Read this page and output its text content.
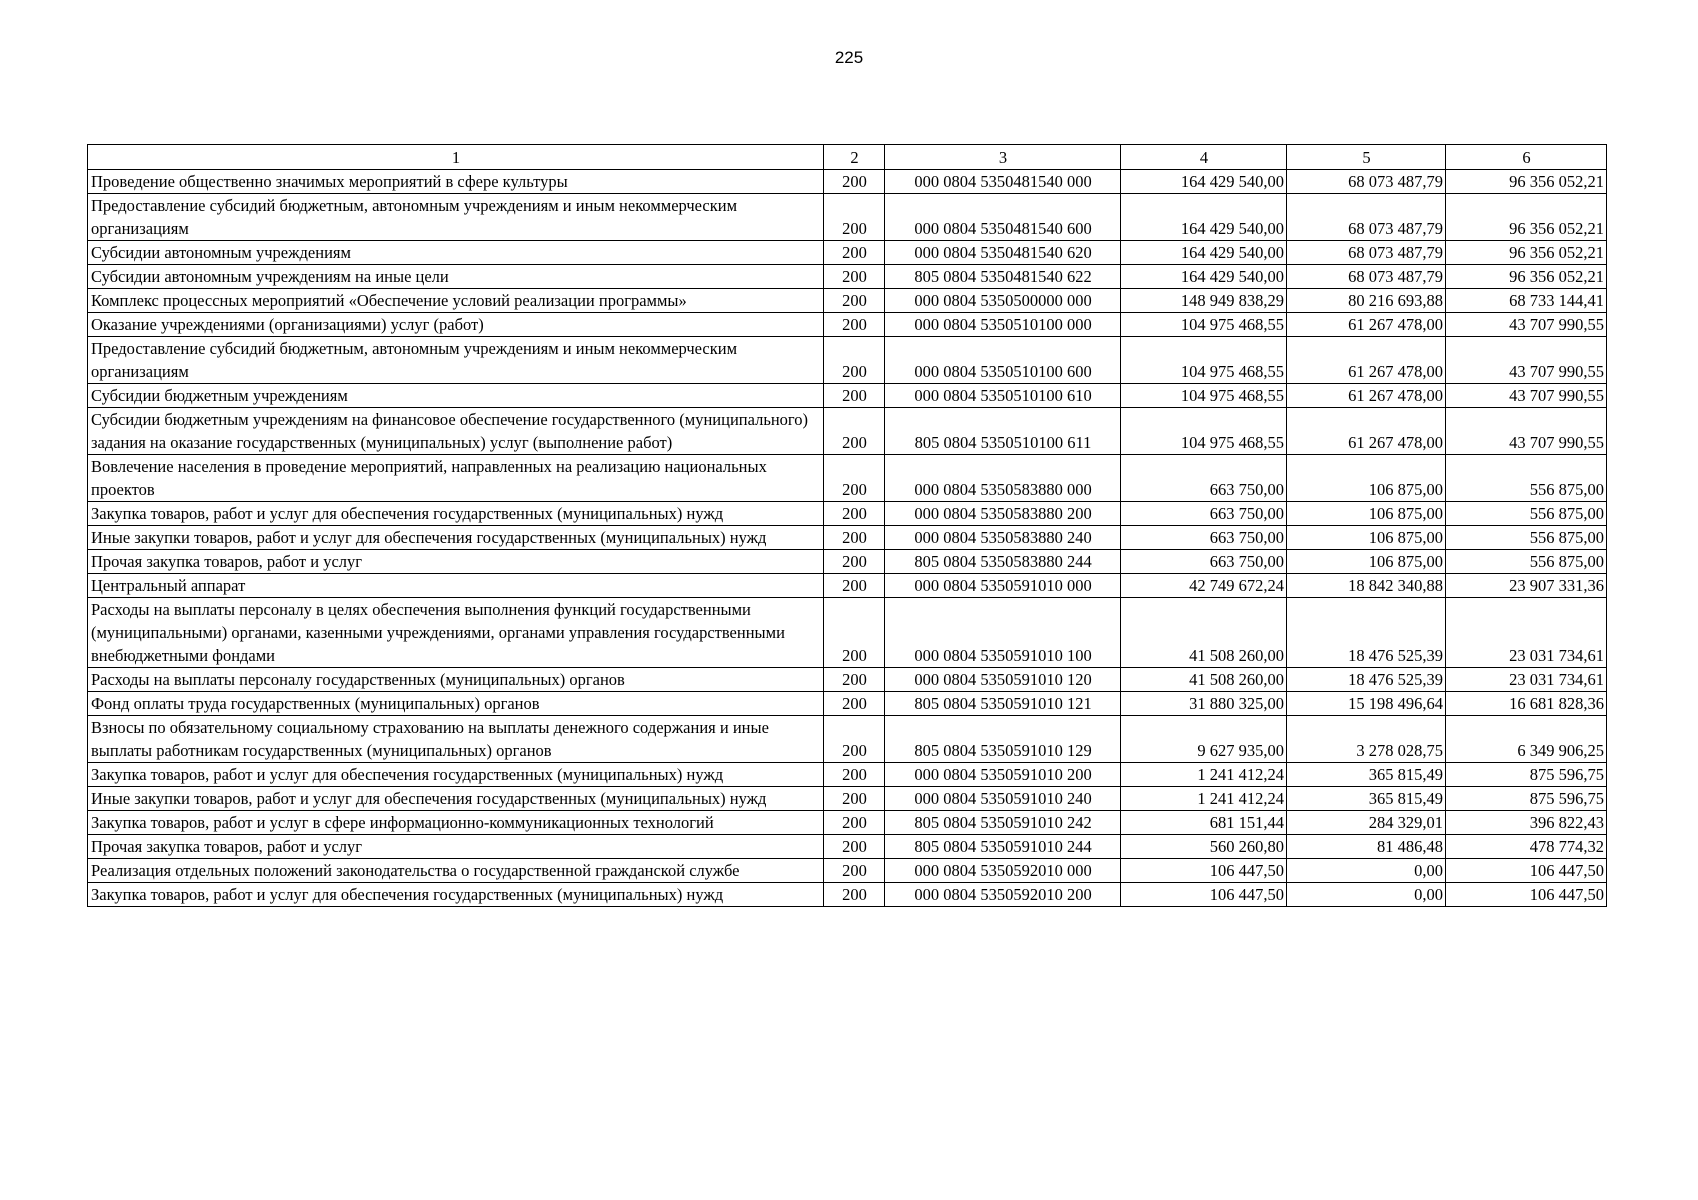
225
1	2	3	4	5	6
Проведение общественно значимых мероприятий в сфере культуры	200	000 0804 5350481540 000	164 429 540,00	68 073 487,79	96 356 052,21
Предоставление субсидий бюджетным, автономным учреждениям и иным некоммерческим организациям	200	000 0804 5350481540 600	164 429 540,00	68 073 487,79	96 356 052,21
Субсидии автономным учреждениям	200	000 0804 5350481540 620	164 429 540,00	68 073 487,79	96 356 052,21
Субсидии автономным учреждениям на иные цели	200	805 0804 5350481540 622	164 429 540,00	68 073 487,79	96 356 052,21
Комплекс процессных мероприятий «Обеспечение условий реализации программы»	200	000 0804 5350500000 000	148 949 838,29	80 216 693,88	68 733 144,41
Оказание учреждениями (организациями) услуг (работ)	200	000 0804 5350510100 000	104 975 468,55	61 267 478,00	43 707 990,55
Предоставление субсидий бюджетным, автономным учреждениям и иным некоммерческим организациям	200	000 0804 5350510100 600	104 975 468,55	61 267 478,00	43 707 990,55
Субсидии бюджетным учреждениям	200	000 0804 5350510100 610	104 975 468,55	61 267 478,00	43 707 990,55
Субсидии бюджетным учреждениям на финансовое обеспечение государственного (муниципального) задания на оказание государственных (муниципальных) услуг (выполнение работ)	200	805 0804 5350510100 611	104 975 468,55	61 267 478,00	43 707 990,55
Вовлечение населения в проведение мероприятий, направленных на реализацию национальных проектов	200	000 0804 5350583880 000	663 750,00	106 875,00	556 875,00
Закупка товаров, работ и услуг для обеспечения государственных (муниципальных) нужд	200	000 0804 5350583880 200	663 750,00	106 875,00	556 875,00
Иные закупки товаров, работ и услуг для обеспечения государственных (муниципальных) нужд	200	000 0804 5350583880 240	663 750,00	106 875,00	556 875,00
Прочая закупка товаров, работ и услуг	200	805 0804 5350583880 244	663 750,00	106 875,00	556 875,00
Центральный аппарат	200	000 0804 5350591010 000	42 749 672,24	18 842 340,88	23 907 331,36
Расходы на выплаты персоналу в целях обеспечения выполнения функций государственными (муниципальными) органами, казенными учреждениями, органами управления государственными внебюджетными фондами	200	000 0804 5350591010 100	41 508 260,00	18 476 525,39	23 031 734,61
Расходы на выплаты персоналу государственных (муниципальных) органов	200	000 0804 5350591010 120	41 508 260,00	18 476 525,39	23 031 734,61
Фонд оплаты труда государственных (муниципальных) органов	200	805 0804 5350591010 121	31 880 325,00	15 198 496,64	16 681 828,36
Взносы по обязательному социальному страхованию на выплаты денежного содержания и иные выплаты работникам государственных (муниципальных) органов	200	805 0804 5350591010 129	9 627 935,00	3 278 028,75	6 349 906,25
Закупка товаров, работ и услуг для обеспечения государственных (муниципальных) нужд	200	000 0804 5350591010 200	1 241 412,24	365 815,49	875 596,75
Иные закупки товаров, работ и услуг для обеспечения государственных (муниципальных) нужд	200	000 0804 5350591010 240	1 241 412,24	365 815,49	875 596,75
Закупка товаров, работ и услуг в сфере информационно-коммуникационных технологий	200	805 0804 5350591010 242	681 151,44	284 329,01	396 822,43
Прочая закупка товаров, работ и услуг	200	805 0804 5350591010 244	560 260,80	81 486,48	478 774,32
Реализация отдельных положений законодательства о государственной гражданской службе	200	000 0804 5350592010 000	106 447,50	0,00	106 447,50
Закупка товаров, работ и услуг для обеспечения государственных (муниципальных) нужд	200	000 0804 5350592010 200	106 447,50	0,00	106 447,50
